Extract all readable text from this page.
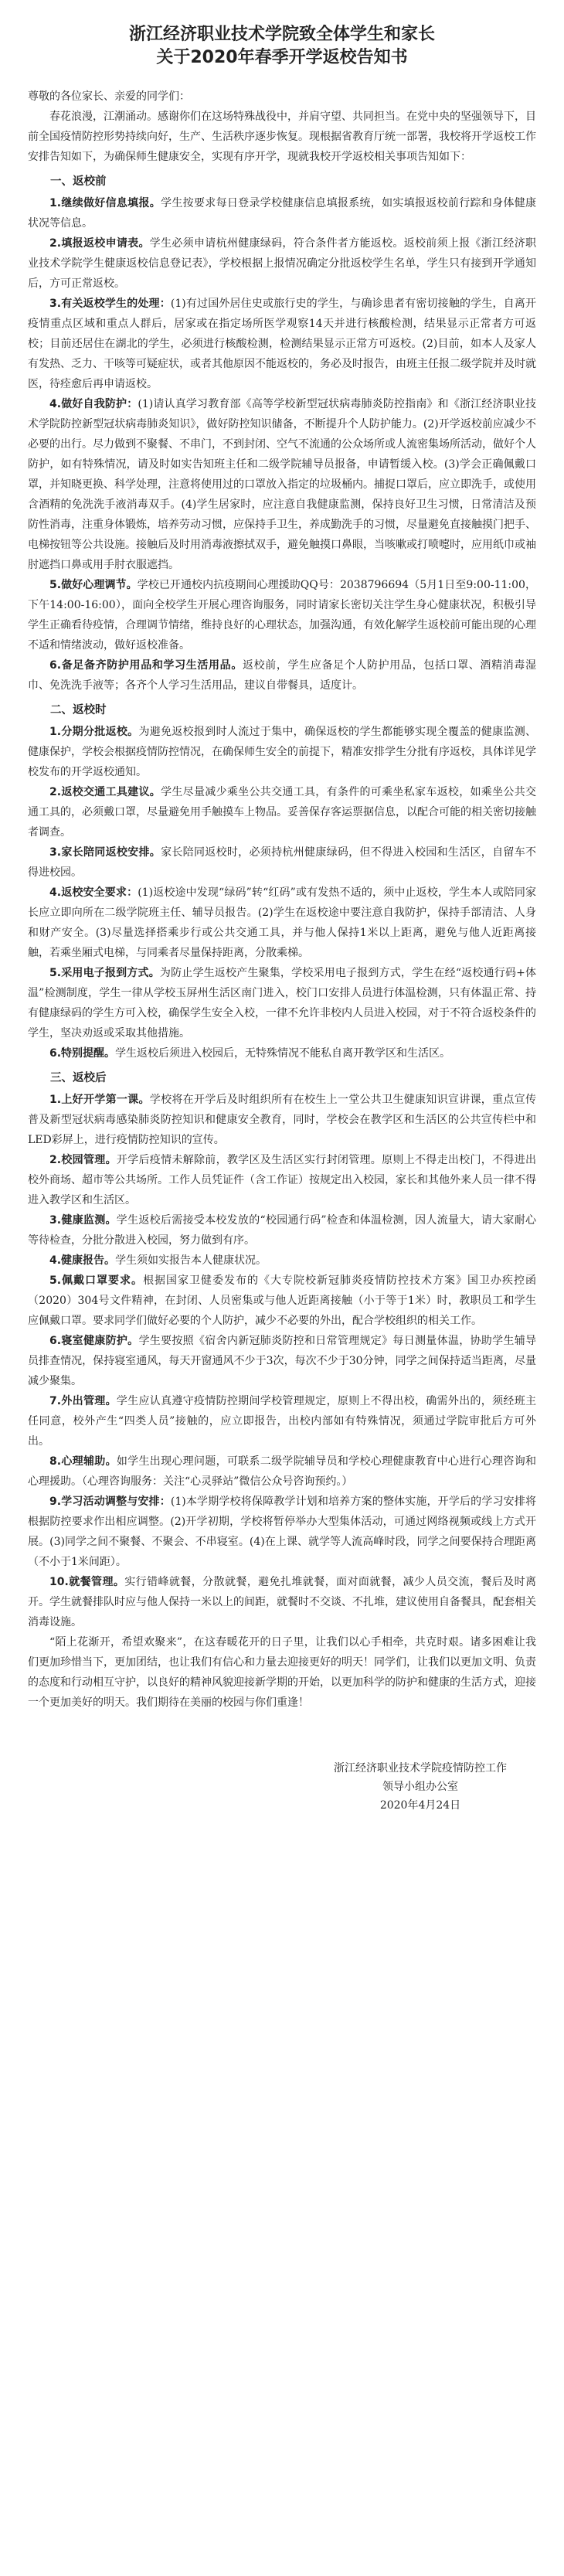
浙江经济职业技术学院致全体学生和家长
关于2020年春季开学返校告知书

尊敬的各位家长、亲爱的同学们：

春花浪漫，江潮涌动。感谢你们在这场特殊战役中，并肩守望、共同担当。在党中央的坚强领导下，目前全国疫情防控形势持续向好，生产、生活秩序逐步恢复。现根据省教育厅统一部署，我校将开学返校工作安排告知如下，为确保师生健康安全，实现有序开学，现就我校开学返校相关事项告知如下：

一、返校前

1.继续做好信息填报。学生按要求每日登录学校健康信息填报系统，如实填报返校前行踪和身体健康状况等信息。

2.填报返校申请表。学生必须申请杭州健康绿码，符合条件者方能返校。返校前须上报《浙江经济职业技术学院学生健康返校信息登记表》，学校根据上报情况确定分批返校学生名单，学生只有接到开学通知后，方可正常返校。

3.有关返校学生的处理：(1)有过国外居住史或旅行史的学生，与确诊患者有密切接触的学生，自离开疫情重点区域和重点人群后，居家或在指定场所医学观察14天并进行核酸检测，结果显示正常者方可返校；目前还居住在湖北的学生，必须进行核酸检测，检测结果显示正常方可返校。(2)目前，如本人及家人有发热、乏力、干咳等可疑症状，或者其他原因不能返校的，务必及时报告，由班主任报二级学院并及时就医，待痊愈后再申请返校。

4.做好自我防护：(1)请认真学习教育部《高等学校新型冠状病毒肺炎防控指南》和《浙江经济职业技术学院防控新型冠状病毒肺炎知识》，做好防控知识储备，不断提升个人防护能力。(2)开学返校前应减少不必要的出行。尽力做到不聚餐、不串门，不到封闭、空气不流通的公众场所或人流密集场所活动，做好个人防护，如有特殊情况，请及时如实告知班主任和二级学院辅导员报备，申请暂缓入校。(3)学会正确佩戴口罩，并知晓更换、科学处理，注意将使用过的口罩放入指定的垃圾桶内。捕捉口罩后，应立即洗手，或使用含酒精的免洗洗手液消毒双手。(4)学生居家时，应注意自我健康监测，保持良好卫生习惯，日常清洁及预防性消毒，注重身体锻炼，培养劳动习惯，应保持手卫生，养成勤洗手的习惯，尽量避免直接触摸门把手、电梯按钮等公共设施。接触后及时用消毒液擦拭双手，避免触摸口鼻眼，当咳嗽或打喷嚏时，应用纸巾或袖肘遮挡口鼻或用手肘衣服遮挡。

5.做好心理调节。学校已开通校内抗疫期间心理援助QQ号：2038796694（5月1日至9:00-11:00，下午14:00-16:00），面向全校学生开展心理咨询服务，同时请家长密切关注学生身心健康状况，积极引导学生正确看待疫情，合理调节情绪，维持良好的心理状态，加强沟通，有效化解学生返校前可能出现的心理不适和情绪波动，做好返校准备。

6.备足备齐防护用品和学习生活用品。返校前，学生应备足个人防护用品，包括口罩、酒精消毒湿巾、免洗洗手液等；各齐个人学习生活用品，建议自带餐具，适度计。

二、返校时

1.分期分批返校。为避免返校报到时人流过于集中，确保返校的学生都能够实现全覆盖的健康监测、健康保护，学校会根据疫情防控情况，在确保师生安全的前提下，精准安排学生分批有序返校，具体详见学校发布的开学返校通知。

2.返校交通工具建议。学生尽量减少乘坐公共交通工具，有条件的可乘坐私家车返校，如乘坐公共交通工具的，必须戴口罩，尽量避免用手触摸车上物品。妥善保存客运票据信息，以配合可能的相关密切接触者调查。

3.家长陪同返校安排。家长陪同返校时，必须持杭州健康绿码，但不得进入校园和生活区，自留车不得进校园。

4.返校安全要求：(1)返校途中发现“绿码”转“红码”或有发热不适的，须中止返校，学生本人或陪同家长应立即向所在二级学院班主任、辅导员报告。(2)学生在返校途中要注意自我防护，保持手部清洁、人身和财产安全。(3)尽量选择搭乘步行或公共交通工具，并与他人保持1米以上距离，避免与他人近距离接触，若乘坐厢式电梯，与同乘者尽量保持距离，分散乘梯。

5.采用电子报到方式。为防止学生返校产生聚集，学校采用电子报到方式，学生在经“返校通行码+体温”检测制度，学生一律从学校玉屏州生活区南门进入，校门口安排人员进行体温检测，只有体温正常、持有健康绿码的学生方可入校，确保学生安全入校，一律不允许非校内人员进入校园，对于不符合返校条件的学生，坚决劝返或采取其他措施。

6.特别提醒。学生返校后须进入校园后，无特殊情况不能私自离开教学区和生活区。

三、返校后

1.上好开学第一课。学校将在开学后及时组织所有在校生上一堂公共卫生健康知识宣讲课，重点宣传普及新型冠状病毒感染肺炎防控知识和健康安全教育，同时，学校会在教学区和生活区的公共宣传栏中和LED彩屏上，进行疫情防控知识的宣传。

2.校园管理。开学后疫情未解除前，教学区及生活区实行封闭管理。原则上不得走出校门，不得进出校外商场、超市等公共场所。工作人员凭证件（含工作证）按规定出入校园，家长和其他外来人员一律不得进入教学区和生活区。

3.健康监测。学生返校后需接受本校发放的“校园通行码”检查和体温检测，因人流量大，请大家耐心等待检查，分批分散进入校园，努力做到有序。

4.健康报告。学生须如实报告本人健康状况。

5.佩戴口罩要求。根据国家卫健委发布的《大专院校新冠肺炎疫情防控技术方案》国卫办疾控函（2020）304号文件精神，在封闭、人员密集或与他人近距离接触（小于等于1米）时，教职员工和学生应佩戴口罩。要求同学们做好必要的个人防护，减少不必要的外出，配合学校组织的相关工作。

6.寝室健康防护。学生要按照《宿舍内新冠肺炎防控和日常管理规定》每日测量体温，协助学生辅导员排查情况，保持寝室通风，每天开窗通风不少于3次，每次不少于30分钟，同学之间保持适当距离，尽量减少聚集。

7.外出管理。学生应认真遵守疫情防控期间学校管理规定，原则上不得出校，确需外出的，须经班主任同意，校外产生“四类人员”接触的，应立即报告，出校内部如有特殊情况，须通过学院审批后方可外出。

8.心理辅助。如学生出现心理问题，可联系二级学院辅导员和学校心理健康教育中心进行心理咨询和心理援助。（心理咨询服务：关注“心灵驿站”微信公众号咨询预约。）

9.学习活动调整与安排：(1)本学期学校将保障教学计划和培养方案的整体实施，开学后的学习安排将根据防控要求作出相应调整。(2)开学初期，学校将暂停举办大型集体活动，可通过网络视频或线上方式开展。(3)同学之间不聚餐、不聚会、不串寝室。(4)在上课、就学等人流高峰时段，同学之间要保持合理距离（不小于1米间距）。

10.就餐管理。实行错峰就餐，分散就餐，避免扎堆就餐，面对面就餐，减少人员交流，餐后及时离开。学生就餐排队时应与他人保持一米以上的间距，就餐时不交谈、不扎堆，建议使用自备餐具，配套相关消毒设施。

“陌上花渐开，希望欢聚来”，在这春暖花开的日子里，让我们以心手相牵，共克时艰。诸多困难让我们更加珍惜当下，更加团结，也让我们有信心和力量去迎接更好的明天！同学们，让我们以更加文明、负责的态度和行动相互守护，以良好的精神风貌迎接新学期的开始，以更加科学的防护和健康的生活方式，迎接一个更加美好的明天。我们期待在美丽的校园与你们重逢！

浙江经济职业技术学院疫情防控工作
领导小组办公室
2020年4月24日
